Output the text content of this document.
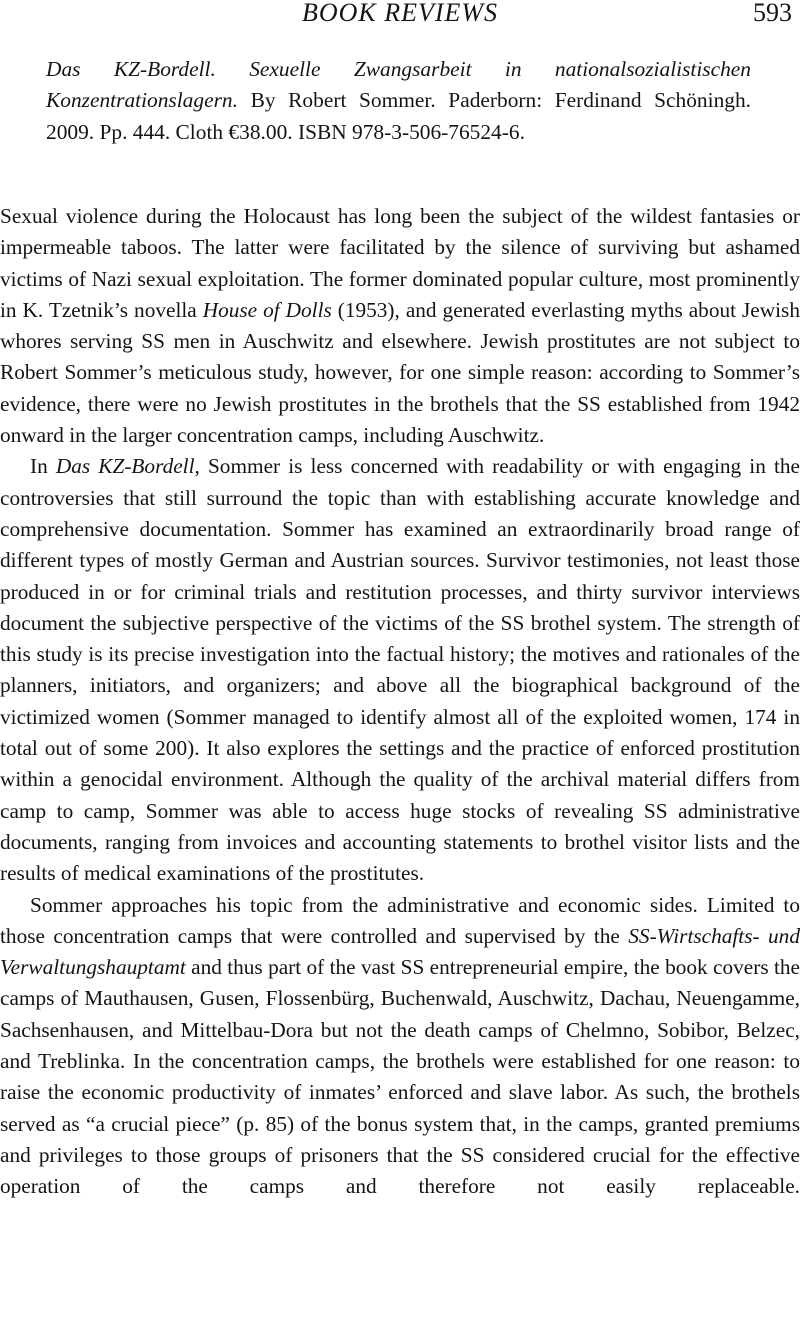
BOOK REVIEWS	593
Das KZ-Bordell. Sexuelle Zwangsarbeit in nationalsozialistischen Konzentrationslagern. By Robert Sommer. Paderborn: Ferdinand Schöningh. 2009. Pp. 444. Cloth €38.00. ISBN 978-3-506-76524-6.

Sexual violence during the Holocaust has long been the subject of the wildest fantasies or impermeable taboos. The latter were facilitated by the silence of surviving but ashamed victims of Nazi sexual exploitation. The former dominated popular culture, most prominently in K. Tzetnik’s novella House of Dolls (1953), and generated everlasting myths about Jewish whores serving SS men in Auschwitz and elsewhere. Jewish prostitutes are not subject to Robert Sommer’s meticulous study, however, for one simple reason: according to Sommer’s evidence, there were no Jewish prostitutes in the brothels that the SS established from 1942 onward in the larger concentration camps, including Auschwitz.

In Das KZ-Bordell, Sommer is less concerned with readability or with engaging in the controversies that still surround the topic than with establishing accurate knowledge and comprehensive documentation. Sommer has examined an extraordinarily broad range of different types of mostly German and Austrian sources. Survivor testimonies, not least those produced in or for criminal trials and restitution processes, and thirty survivor interviews document the subjective perspective of the victims of the SS brothel system. The strength of this study is its precise investigation into the factual history; the motives and rationales of the planners, initiators, and organizers; and above all the biographical background of the victimized women (Sommer managed to identify almost all of the exploited women, 174 in total out of some 200). It also explores the settings and the practice of enforced prostitution within a genocidal environment. Although the quality of the archival material differs from camp to camp, Sommer was able to access huge stocks of revealing SS administrative documents, ranging from invoices and accounting statements to brothel visitor lists and the results of medical examinations of the prostitutes.

Sommer approaches his topic from the administrative and economic sides. Limited to those concentration camps that were controlled and supervised by the SS-Wirtschafts- und Verwaltungshauptamt and thus part of the vast SS entrepreneurial empire, the book covers the camps of Mauthausen, Gusen, Flossenbürg, Buchenwald, Auschwitz, Dachau, Neuengamme, Sachsenhausen, and Mittelbau-Dora but not the death camps of Chelmno, Sobibor, Belzec, and Treblinka. In the concentration camps, the brothels were established for one reason: to raise the economic productivity of inmates’ enforced and slave labor. As such, the brothels served as “a crucial piece” (p. 85) of the bonus system that, in the camps, granted premiums and privileges to those groups of prisoners that the SS considered crucial for the effective operation of the camps and therefore not easily replaceable.
